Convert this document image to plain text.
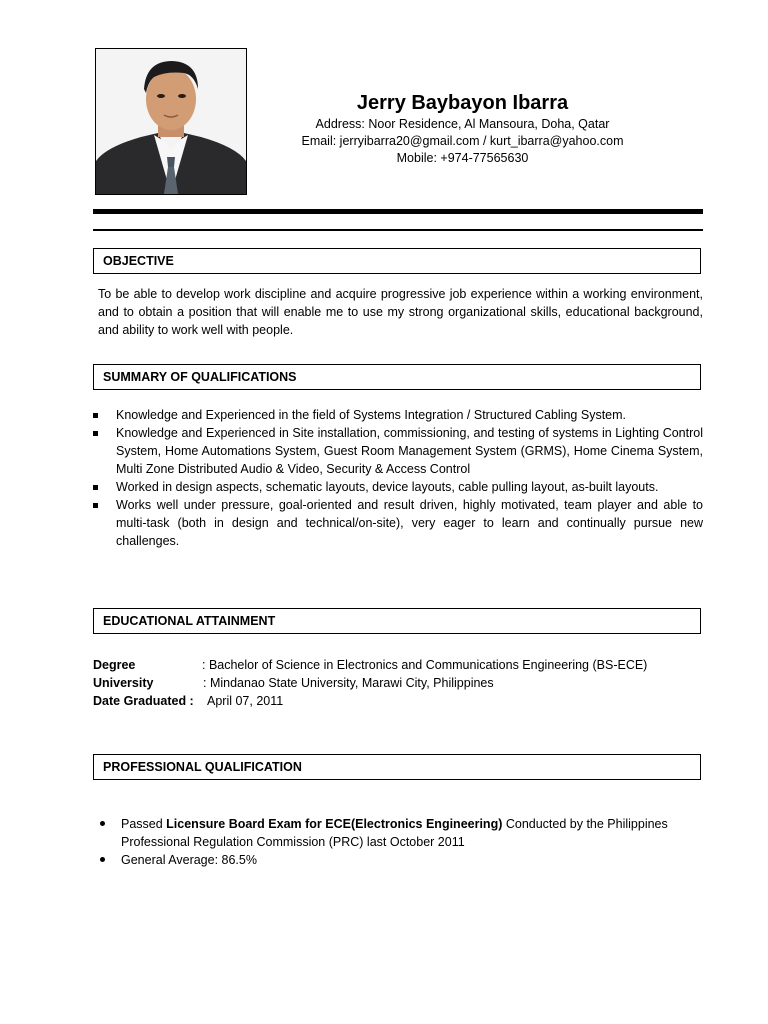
Jerry Baybayon Ibarra
Address: Noor Residence, Al Mansoura, Doha, Qatar
Email: jerryibarra20@gmail.com / kurt_ibarra@yahoo.com
Mobile: +974-77565630
OBJECTIVE
To be able to develop work discipline and acquire progressive job experience within a working environment, and to obtain a position that will enable me to use my strong organizational skills, educational background, and ability to work well with people.
SUMMARY OF QUALIFICATIONS
Knowledge and Experienced in the field of Systems Integration / Structured Cabling System.
Knowledge and Experienced in Site installation, commissioning, and testing of systems in Lighting Control System, Home Automations System, Guest Room Management System (GRMS), Home Cinema System, Multi Zone Distributed Audio & Video, Security & Access Control
Worked in design aspects, schematic layouts, device layouts, cable pulling layout, as-built layouts.
Works well under pressure, goal-oriented and result driven, highly motivated, team player and able to multi-task (both in design and technical/on-site), very eager to learn and continually pursue new challenges.
EDUCATIONAL ATTAINMENT
Degree	: Bachelor of Science in Electronics and Communications Engineering (BS-ECE)
University	: Mindanao State University, Marawi City, Philippines
Date Graduated : April 07, 2011
PROFESSIONAL QUALIFICATION
Passed Licensure Board Exam for ECE(Electronics Engineering) Conducted by the Philippines Professional Regulation Commission (PRC) last October 2011
General Average: 86.5%
